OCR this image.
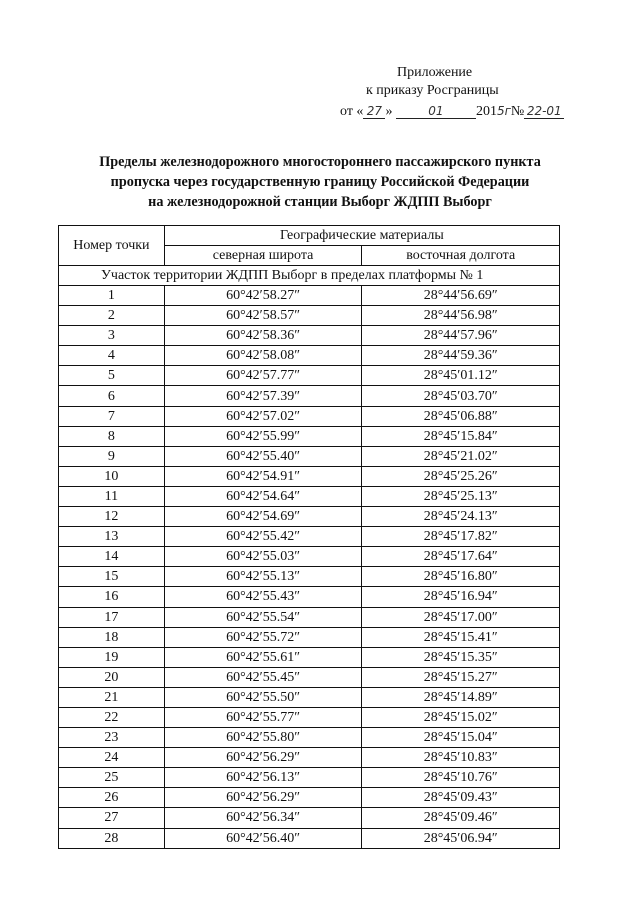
Приложение
к приказу Росграницы
от « 27 »	01 2015г№ 22-01
Пределы железнодорожного многостороннего пассажирского пункта
пропуска через государственную границу Российской Федерации
на железнодорожной станции Выборг ЖДПП Выборг
Номер точки	Географические материалы	
	северная широта	восточная долгота
Участок территории ЖДПП Выборг в пределах платформы № 1		
1	60°42′58.27″	28°44′56.69″
2	60°42′58.57″	28°44′56.98″
3	60°42′58.36″	28°44′57.96″
4	60°42′58.08″	28°44′59.36″
5	60°42′57.77″	28°45′01.12″
6	60°42′57.39″	28°45′03.70″
7	60°42′57.02″	28°45′06.88″
8	60°42′55.99″	28°45′15.84″
9	60°42′55.40″	28°45′21.02″
10	60°42′54.91″	28°45′25.26″
11	60°42′54.64″	28°45′25.13″
12	60°42′54.69″	28°45′24.13″
13	60°42′55.42″	28°45′17.82″
14	60°42′55.03″	28°45′17.64″
15	60°42′55.13″	28°45′16.80″
16	60°42′55.43″	28°45′16.94″
17	60°42′55.54″	28°45′17.00″
18	60°42′55.72″	28°45′15.41″
19	60°42′55.61″	28°45′15.35″
20	60°42′55.45″	28°45′15.27″
21	60°42′55.50″	28°45′14.89″
22	60°42′55.77″	28°45′15.02″
23	60°42′55.80″	28°45′15.04″
24	60°42′56.29″	28°45′10.83″
25	60°42′56.13″	28°45′10.76″
26	60°42′56.29″	28°45′09.43″
27	60°42′56.34″	28°45′09.46″
28	60°42′56.40″	28°45′06.94″
